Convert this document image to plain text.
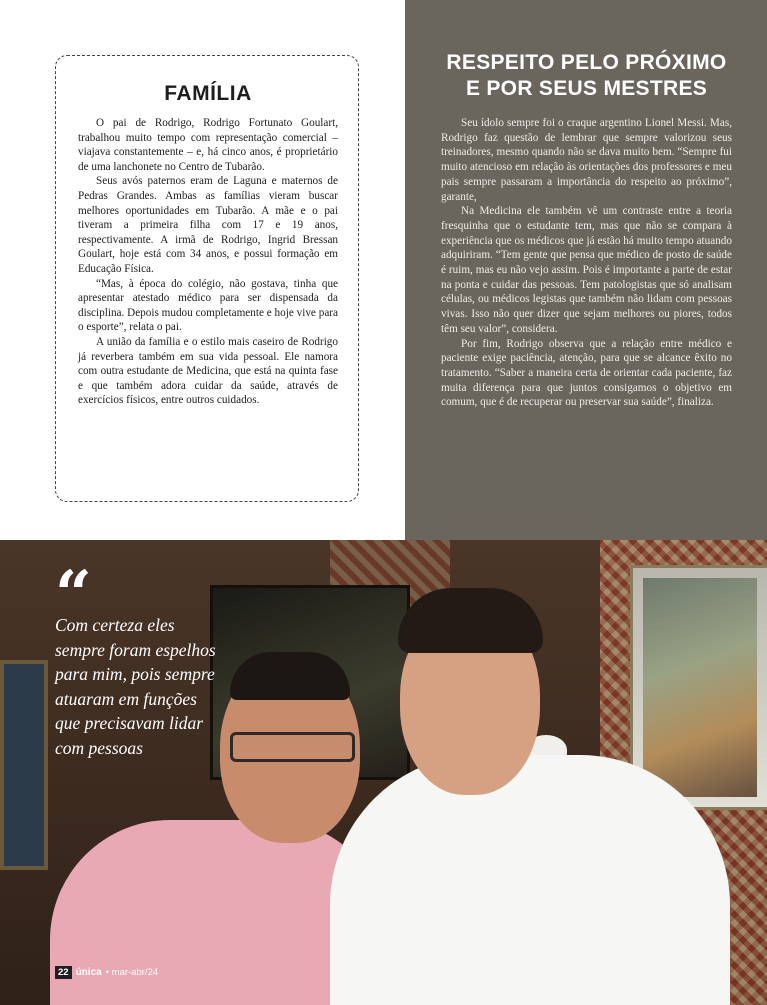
FAMÍLIA

O pai de Rodrigo, Rodrigo Fortunato Goulart, trabalhou muito tempo com representação comercial – viajava constantemente – e, há cinco anos, é proprietário de uma lanchonete no Centro de Tubarão.

Seus avós paternos eram de Laguna e maternos de Pedras Grandes. Ambas as famílias vieram buscar melhores oportunidades em Tubarão. A mãe e o pai tiveram a primeira filha com 17 e 19 anos, respectivamente. A irmã de Rodrigo, Ingrid Bressan Goulart, hoje está com 34 anos, e possui formação em Educação Física.

“Mas, à época do colégio, não gostava, tinha que apresentar atestado médico para ser dispensada da disciplina. Depois mudou completamente e hoje vive para o esporte”, relata o pai.

A união da família e o estilo mais caseiro de Rodrigo já reverbera também em sua vida pessoal. Ele namora com outra estudante de Medicina, que está na quinta fase e que também adora cuidar da saúde, através de exercícios físicos, entre outros cuidados.

RESPEITO PELO PRÓXIMO E POR SEUS MESTRES

Seu ídolo sempre foi o craque argentino Lionel Messi. Mas, Rodrigo faz questão de lembrar que sempre valorizou seus treinadores, mesmo quando não se dava muito bem. “Sempre fui muito atencioso em relação às orientações dos professores e meu pais sempre passaram a importância do respeito ao próximo”, garante,

Na Medicina ele também vê um contraste entre a teoria fresquinha que o estudante tem, mas que não se compara à experiência que os médicos que já estão há muito tempo atuando adquiriram. “Tem gente que pensa que médico de posto de saúde é ruim, mas eu não vejo assim. Pois é importante a parte de estar na ponta e cuidar das pessoas. Tem patologistas que só analisam células, ou médicos legistas que também não lidam com pessoas vivas. Isso não quer dizer que sejam melhores ou piores, todos têm seu valor”, considera.

Por fim, Rodrigo observa que a relação entre médico e paciente exige paciência, atenção, para que se alcance êxito no tratamento. “Saber a maneira certa de orientar cada paciente, faz muita diferença para que juntos consigamos o objetivo em comum, que é de recuperar ou preservar sua saúde”, finaliza.

“
Com certeza eles sempre foram espelhos para mim, pois sempre atuaram em funções que precisavam lidar com pessoas
22 única • mar-abr/24
